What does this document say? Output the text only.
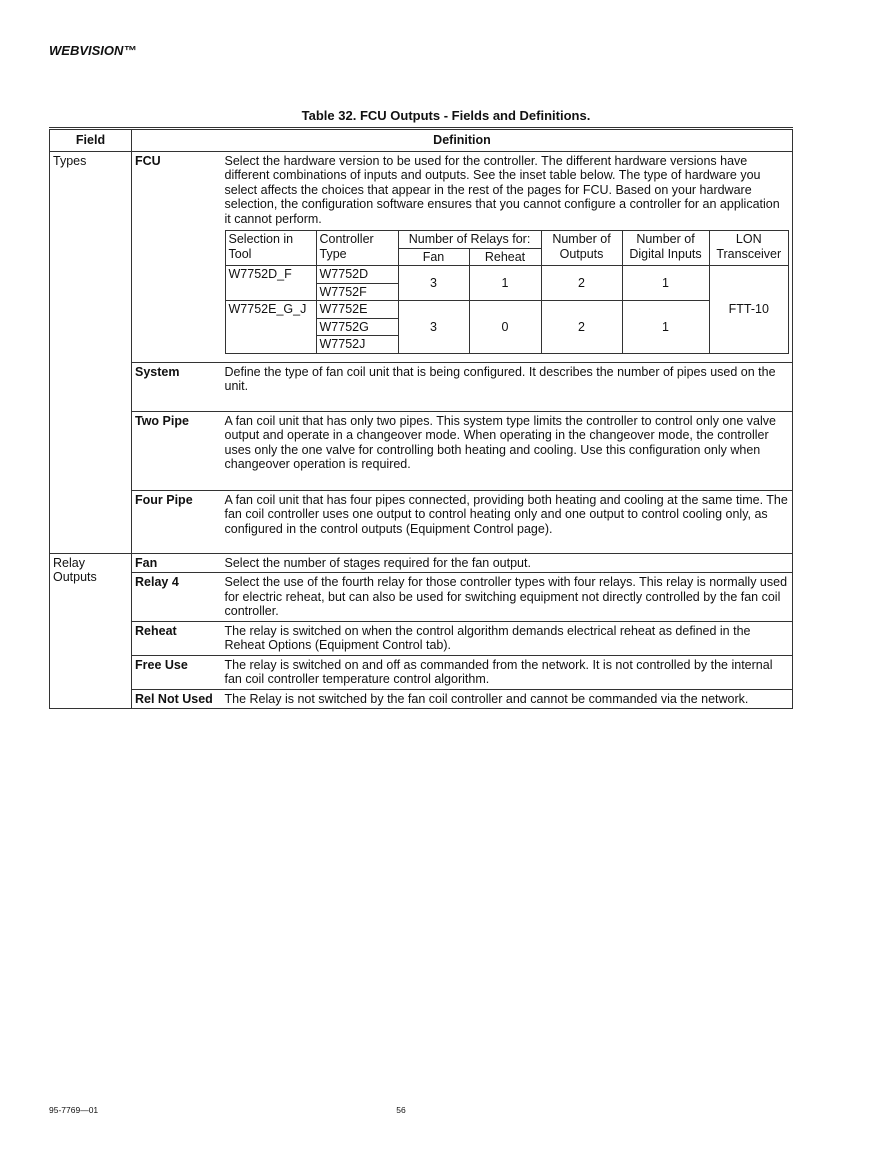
WEBVISION™
Table 32. FCU Outputs - Fields and Definitions.
Field	Definition
Types	FCU	Select the hardware version to be used for the controller. The different hardware versions have different combinations of inputs and outputs. See the inset table below. The type of hardware you select affects the choices that appear in the rest of the pages for FCU. Based on your hardware selection, the configuration software ensures that you cannot configure a controller for an application it cannot perform.
Selection in Tool	Controller Type	Number of Relays for:	Number of Outputs	Number of Digital Inputs	LON Transceiver
Fan	Reheat
W7752D_F	W7752D	3	1	2	1	FTT-10
W7752F
W7752E_G_J	W7752E	3	0	2	1
W7752G
W7752J

System	Define the type of fan coil unit that is being configured. It describes the number of pipes used on the unit.
Two Pipe	A fan coil unit that has only two pipes. This system type limits the controller to control only one valve output and operate in a changeover mode. When operating in the changeover mode, the controller uses only the one valve for controlling both heating and cooling. Use this configuration only when changeover operation is required.
Four Pipe	A fan coil unit that has four pipes connected, providing both heating and cooling at the same time. The fan coil controller uses one output to control heating only and one output to control cooling only, as configured in the control outputs (Equipment Control page).
Relay Outputs	Fan	Select the number of stages required for the fan output.
Relay 4	Select the use of the fourth relay for those controller types with four relays. This relay is normally used for electric reheat, but can also be used for switching equipment not directly controlled by the fan coil controller.
Reheat	The relay is switched on when the control algorithm demands electrical reheat as defined in the Reheat Options (Equipment Control tab).
Free Use	The relay is switched on and off as commanded from the network. It is not controlled by the internal fan coil controller temperature control algorithm.
Rel Not Used	The Relay is not switched by the fan coil controller and cannot be commanded via the network.
95-7769—01	56
